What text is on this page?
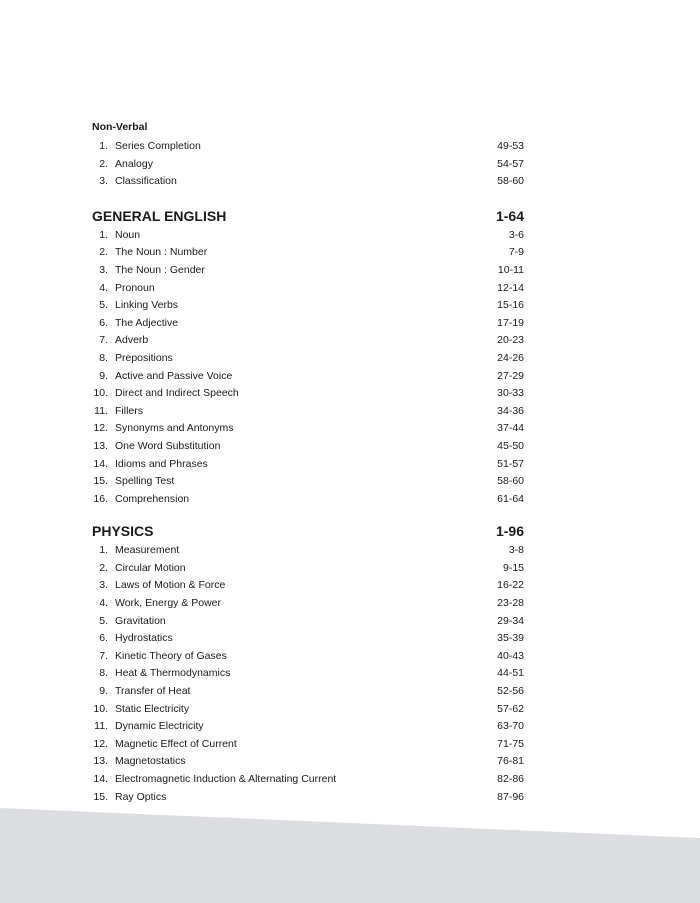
Non-Verbal
1. Series Completion	49-53
2. Analogy	54-57
3. Classification	58-60
GENERAL ENGLISH	1-64
1. Noun	3-6
2. The Noun : Number	7-9
3. The Noun : Gender	10-11
4. Pronoun	12-14
5. Linking Verbs	15-16
6. The Adjective	17-19
7. Adverb	20-23
8. Prepositions	24-26
9. Active and Passive Voice	27-29
10. Direct and Indirect Speech	30-33
11. Fillers	34-36
12. Synonyms and Antonyms	37-44
13. One Word Substitution	45-50
14. Idioms and Phrases	51-57
15. Spelling Test	58-60
16. Comprehension	61-64
PHYSICS	1-96
1. Measurement	3-8
2. Circular Motion	9-15
3. Laws of Motion & Force	16-22
4. Work, Energy & Power	23-28
5. Gravitation	29-34
6. Hydrostatics	35-39
7. Kinetic Theory of Gases	40-43
8. Heat & Thermodynamics	44-51
9. Transfer of Heat	52-56
10. Static Electricity	57-62
11. Dynamic Electricity	63-70
12. Magnetic Effect of Current	71-75
13. Magnetostatics	76-81
14. Electromagnetic Induction & Alternating Current	82-86
15. Ray Optics	87-96
